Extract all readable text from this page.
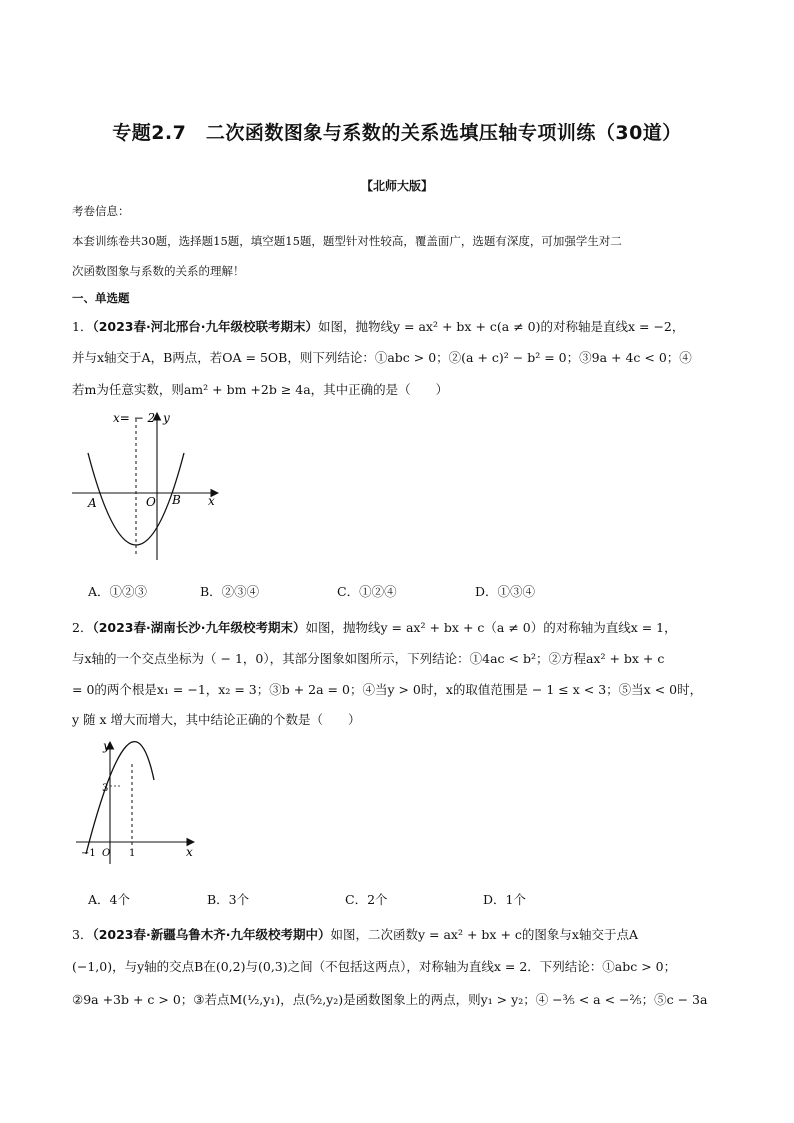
专题2.7　二次函数图象与系数的关系选填压轴专项训练（30道）
【北师大版】
考卷信息：
本套训练卷共30题，选择题15题，填空题15题，题型针对性较高，覆盖面广，选题有深度，可加强学生对二
次函数图象与系数的关系的理解！
一、单选题
1．（2023春·河北邢台·九年级校联考期末）如图，抛物线y = ax² + bx + c(a ≠ 0)的对称轴是直线x = −2，
并与x轴交于A，B两点，若OA = 5OB，则下列结论：①abc > 0；②(a + c)² − b² = 0；③9a + 4c < 0；④
若m为任意实数，则am² + bm +2b ≥ 4a，其中正确的是（　　）
x= − 2 y
x
O
A	B
A．①②③	B．②③④	C．①②④	D．①③④
2．（2023春·湖南长沙·九年级校考期末）如图，抛物线y = ax² + bx + c（a ≠ 0）的对称轴为直线x = 1，
与x轴的一个交点坐标为（ − 1，0），其部分图象如图所示，下列结论：①4ac < b²；②方程ax² + bx + c
= 0的两个根是x₁ = −1，x₂ = 3；③b + 2a = 0；④当y > 0时，x的取值范围是 − 1 ≤ x < 3；⑤当x < 0时，
y 随 x 增大而增大，其中结论正确的个数是（　　）
y
x
3
−1 O 1
A．4个	B．3个	C．2个	D．1个
3．（2023春·新疆乌鲁木齐·九年级校考期中）如图，二次函数y = ax² + bx + c的图象与x轴交于点A
(−1,0)，与y轴的交点B在(0,2)与(0,3)之间（不包括这两点），对称轴为直线x = 2．下列结论：①abc > 0；
②9a +3b + c > 0；③若点M(½,y₁)，点(⁵⁄₂,y₂)是函数图象上的两点，则y₁ > y₂；④ −³⁄₅ < a < −²⁄₅；⑤c − 3a
